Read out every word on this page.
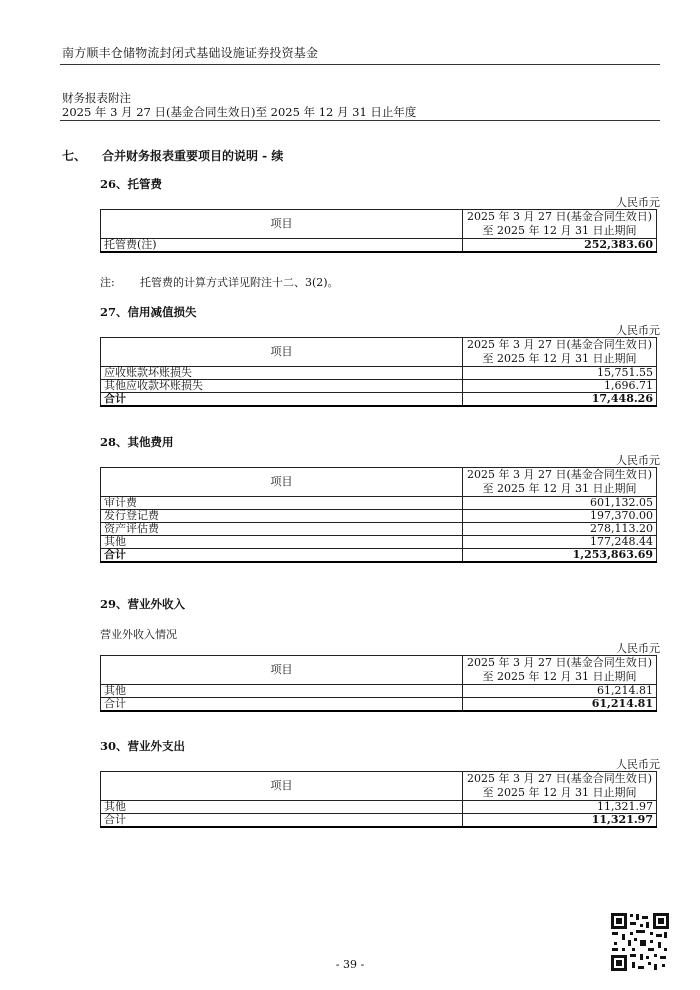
南方顺丰仓储物流封闭式基础设施证券投资基金
财务报表附注
2025 年 3 月 27 日(基金合同生效日)至 2025 年 12 月 31 日止年度
七、 合并财务报表重要项目的说明 - 续
26、托管费
人民币元
项目	2025 年 3 月 27 日(基金合同生效日)
至 2025 年 12 月 31 日止期间
托管费(注)	252,383.60
注: 托管费的计算方式详见附注十二、3(2)。
27、信用减值损失
人民币元
项目	2025 年 3 月 27 日(基金合同生效日)
至 2025 年 12 月 31 日止期间
应收账款坏账损失	15,751.55
其他应收款坏账损失	1,696.71
合计	17,448.26
28、其他费用
人民币元
项目	2025 年 3 月 27 日(基金合同生效日)
至 2025 年 12 月 31 日止期间
审计费	601,132.05
发行登记费	197,370.00
资产评估费	278,113.20
其他	177,248.44
合计	1,253,863.69
29、营业外收入
营业外收入情况
人民币元
项目	2025 年 3 月 27 日(基金合同生效日)
至 2025 年 12 月 31 日止期间
其他	61,214.81
合计	61,214.81
30、营业外支出
人民币元
项目	2025 年 3 月 27 日(基金合同生效日)
至 2025 年 12 月 31 日止期间
其他	11,321.97
合计	11,321.97
- 39 -
